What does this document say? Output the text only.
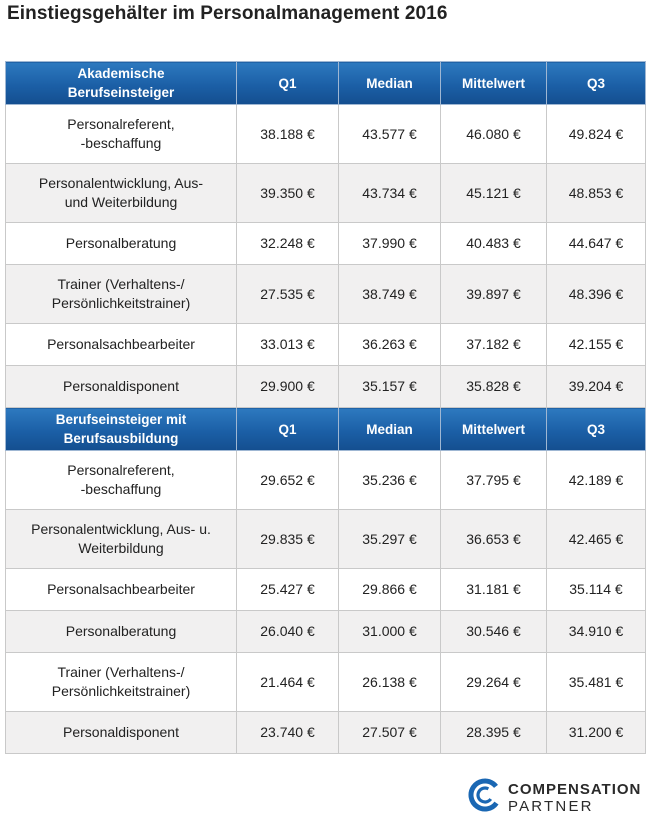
Einstiegsgehälter im Personalmanagement 2016
Akademische
Berufseinsteiger	Q1	Median	Mittelwert	Q3
Personalreferent,
-beschaffung	38.188 €	43.577 €	46.080 €	49.824 €
Personalentwicklung, Aus-
und Weiterbildung	39.350 €	43.734 €	45.121 €	48.853 €
Personalberatung	32.248 €	37.990 €	40.483 €	44.647 €
Trainer (Verhaltens-/
Persönlichkeitstrainer)	27.535 €	38.749 €	39.897 €	48.396 €
Personalsachbearbeiter	33.013 €	36.263 €	37.182 €	42.155 €
Personaldisponent	29.900 €	35.157 €	35.828 €	39.204 €
Berufseinsteiger mit
Berufsausbildung	Q1	Median	Mittelwert	Q3
Personalreferent,
-beschaffung	29.652 €	35.236 €	37.795 €	42.189 €
Personalentwicklung, Aus- u.
Weiterbildung	29.835 €	35.297 €	36.653 €	42.465 €
Personalsachbearbeiter	25.427 €	29.866 €	31.181 €	35.114 €
Personalberatung	26.040 €	31.000 €	30.546 €	34.910 €
Trainer (Verhaltens-/
Persönlichkeitstrainer)	21.464 €	26.138 €	29.264 €	35.481 €
Personaldisponent	23.740 €	27.507 €	28.395 €	31.200 €
COMPENSATION
PARTNER
